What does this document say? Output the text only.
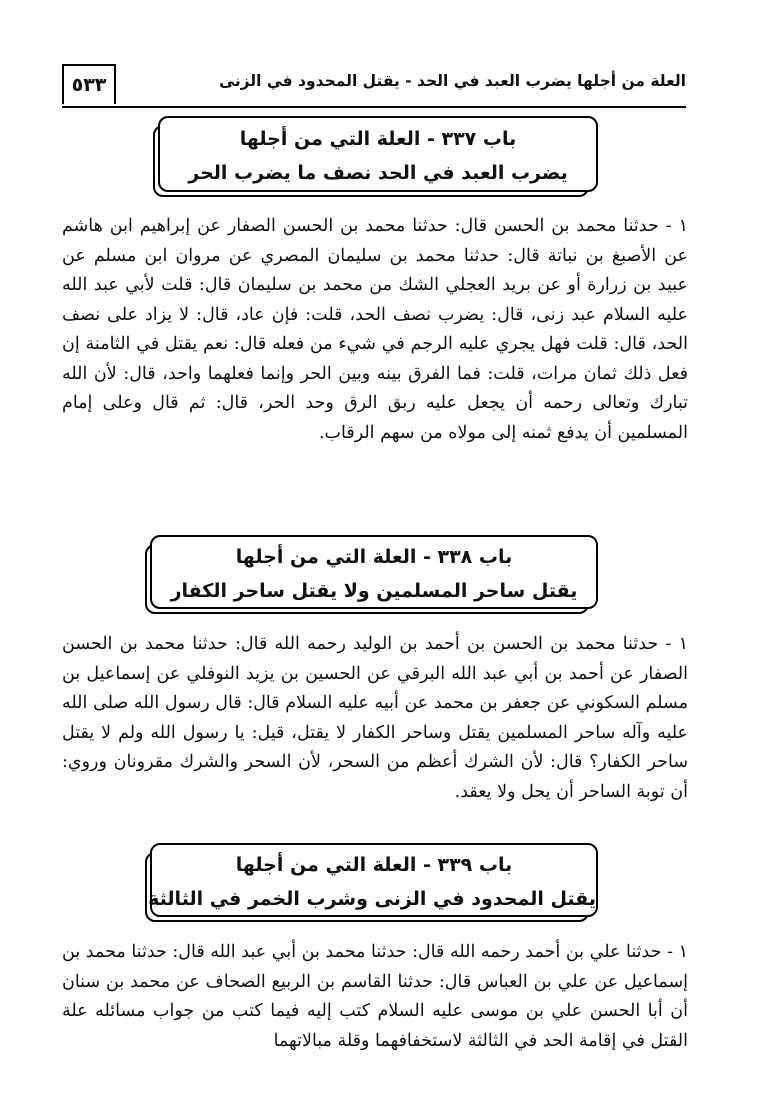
٥٣٣	العلة من أجلها يضرب العبد في الحد - يقتل المحدود في الزنى
باب ٣٣٧ - العلة التي من أجلها
يضرب العبد في الحد نصف ما يضرب الحر

١ - حدثنا محمد بن الحسن قال: حدثنا محمد بن الحسن الصفار عن إبراهيم ابن هاشم عن الأصبغ بن نباتة قال: حدثنا محمد بن سليمان المصري عن مروان ابن مسلم عن عبيد بن زرارة أو عن بريد العجلي الشك من محمد بن سليمان قال: قلت لأبي عبد الله عليه السلام عبد زنى، قال: يضرب نصف الحد، قلت: فإن عاد، قال: لا يزاد على نصف الحد، قال: قلت فهل يجري عليه الرجم في شيء من فعله قال: نعم يقتل في الثامنة إن فعل ذلك ثمان مرات، قلت: فما الفرق بينه وبين الحر وإنما فعلهما واحد، قال: لأن الله تبارك وتعالى رحمه أن يجعل عليه ربق الرق وحد الحر، قال: ثم قال وعلى إمام المسلمين أن يدفع ثمنه إلى مولاه من سهم الرقاب.

باب ٣٣٨ - العلة التي من أجلها
يقتل ساحر المسلمين ولا يقتل ساحر الكفار

١ - حدثنا محمد بن الحسن بن أحمد بن الوليد رحمه الله قال: حدثنا محمد بن الحسن الصفار عن أحمد بن أبي عبد الله البرقي عن الحسين بن يزيد النوفلي عن إسماعيل بن مسلم السكوني عن جعفر بن محمد عن أبيه عليه السلام قال: قال رسول الله صلى الله عليه وآله ساحر المسلمين يقتل وساحر الكفار لا يقتل، قيل: يا رسول الله ولم لا يقتل ساحر الكفار؟ قال: لأن الشرك أعظم من السحر، لأن السحر والشرك مقرونان وروي: أن توبة الساحر أن يحل ولا يعقد.

باب ٣٣٩ - العلة التي من أجلها
يقتل المحدود في الزنى وشرب الخمر في الثالثة

١ - حدثنا علي بن أحمد رحمه الله قال: حدثنا محمد بن أبي عبد الله قال: حدثنا محمد بن إسماعيل عن علي بن العباس قال: حدثنا القاسم بن الربيع الصحاف عن محمد بن سنان أن أبا الحسن علي بن موسى عليه السلام كتب إليه فيما كتب من جواب مسائله علة القتل في إقامة الحد في الثالثة لاستخفافهما وقلة مبالاتهما
